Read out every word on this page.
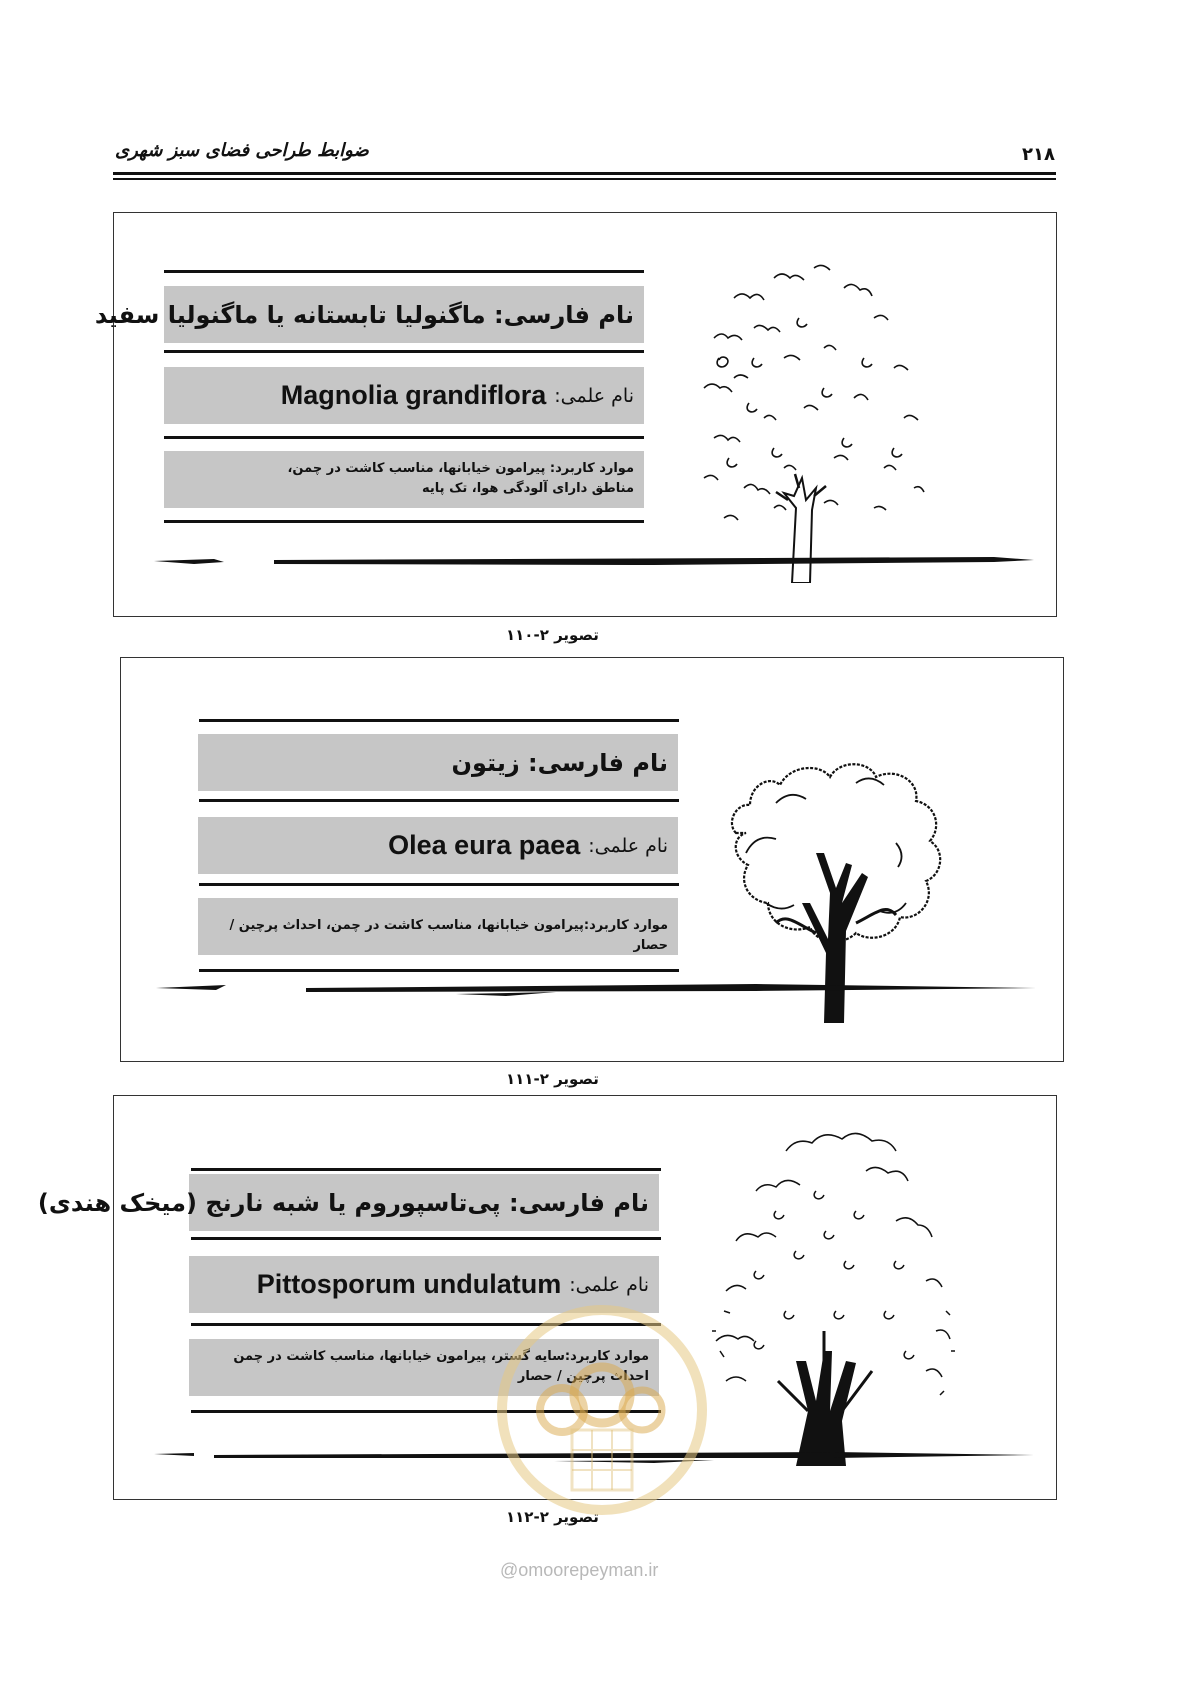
ضوابط طراحی فضای سبز شهری	۲۱۸
نام فارسی:

ماگنولیا تابستانه یا ماگنولیا سفید
نام علمی:
Magnolia grandiflora
موارد کاربرد: پیرامون خیابانها، مناسب کاشت در چمن،
مناطق دارای آلودگی هوا، تک پایه
تصویر ۲-۱۱۰
نام فارسی:

زیتون
نام علمی:
Olea eura paea
موارد کاربرد:پیرامون خیابانها، مناسب کاشت در چمن، احداث پرچین / حصار
تصویر ۲-۱۱۱
نام فارسی:

پی‌تاسپوروم یا شبه نارنج (میخک هندی)
نام علمی:
Pittosporum undulatum
موارد کاربرد:سایه گستر، پیرامون خیابانها، مناسب کاشت در چمن
احداث پرچین / حصار
تصویر ۲-۱۱۲
@omoorepeyman.ir
